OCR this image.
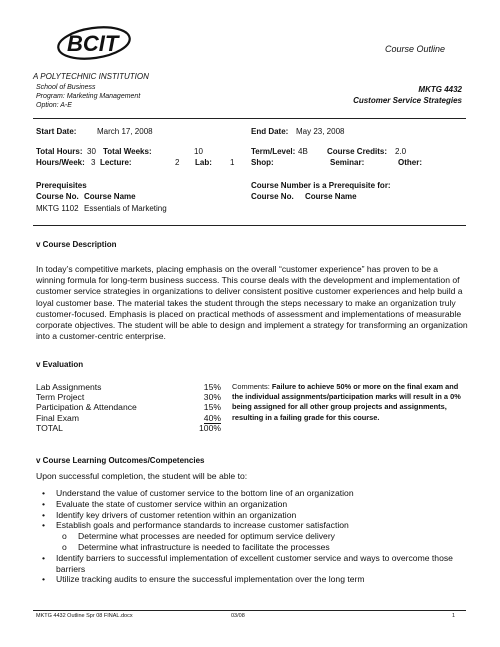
BCIT	Course Outline
A POLYTECHNIC INSTITUTION
School of Business
Program: Marketing Management
Option: A-E
MKTG 4432
Customer Service Strategies
Start Date:	March 17, 2008	End Date: May 23, 2008
Total Hours: 30 Total Weeks:	10	Term/Level: 4B Course Credits: 2.0
Hours/Week: 3 Lecture:	2 Lab: 1 Shop:	Seminar:	Other:
Prerequisites
Course No. Course Name
MKTG 1102 Essentials of Marketing
Course Number is a Prerequisite for:
Course No. Course Name
v Course Description
In today’s competitive markets, placing emphasis on the overall “customer experience” has proven to be a winning formula for long-term business success. This course deals with the development and implementation of customer service strategies in organizations to deliver consistent positive customer experiences and help build a loyal customer base. The material takes the student through the steps necessary to make an organization truly customer-focused. Emphasis is placed on practical methods of assessment and implementations of measurable corporate objectives. The student will be able to design and implement a strategy for transforming an organization into a customer-centric enterprise.
v Evaluation
Lab Assignments	15%
Term Project	30%
Participation & Attendance	15%
Final Exam	40%
TOTAL	100%
Comments: Failure to achieve 50% or more on the final exam and the individual assignments/participation marks will result in a 0% being assigned for all other group projects and assignments, resulting in a failing grade for this course.
v Course Learning Outcomes/Competencies
Upon successful completion, the student will be able to:
• Understand the value of customer service to the bottom line of an organization
• Evaluate the state of customer service within an organization
• Identify key drivers of customer retention within an organization
• Establish goals and performance standards to increase customer satisfaction
o Determine what processes are needed for optimum service delivery
o Determine what infrastructure is needed to facilitate the processes
• Identify barriers to successful implementation of excellent customer service and ways to overcome those barriers
• Utilize tracking audits to ensure the successful implementation over the long term
MKTG 4432 Outline Spr 08 FINAL.docx	03/08	1
